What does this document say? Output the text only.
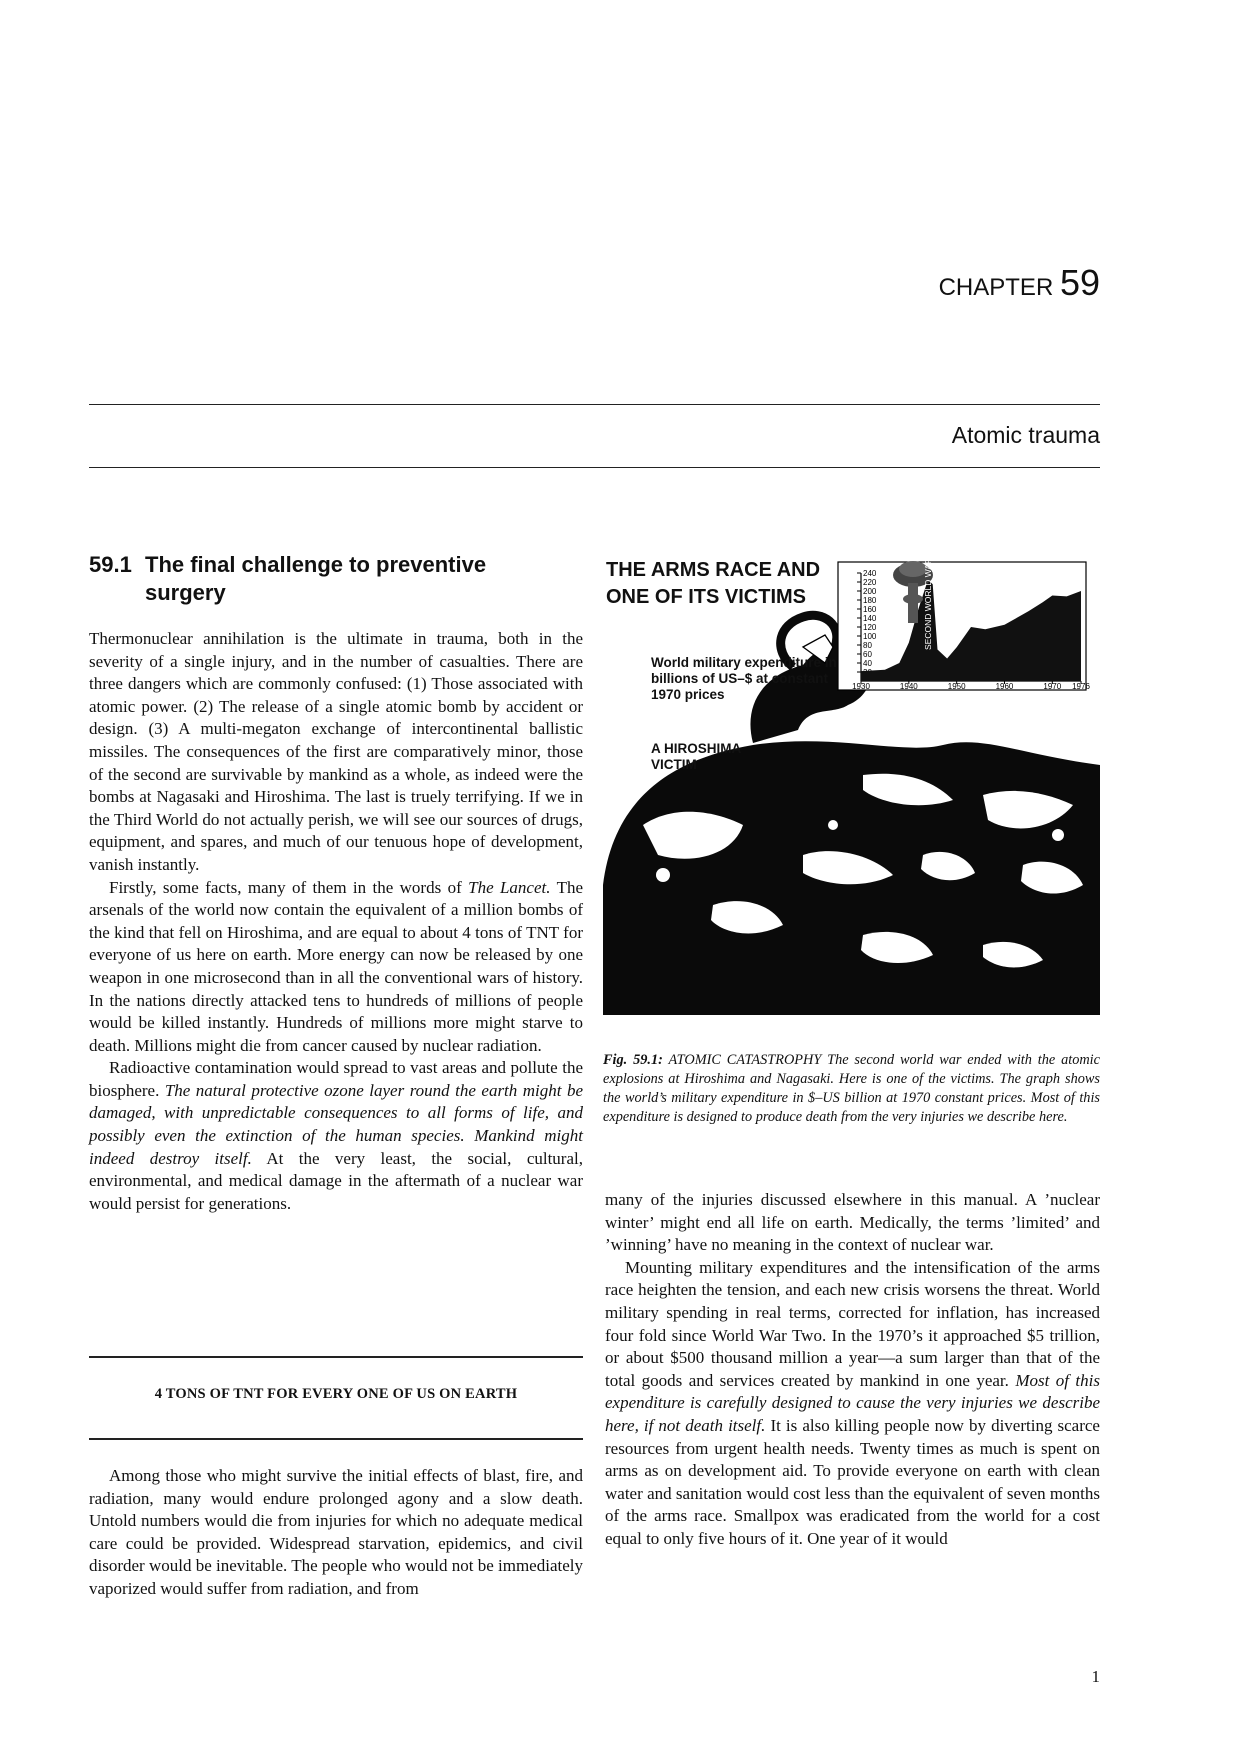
CHAPTER 59
Atomic trauma
59.1 The final challenge to preventive
surgery

Thermonuclear annihilation is the ultimate in trauma, both in the severity of a single injury, and in the number of casualties. There are three dangers which are commonly confused: (1) Those associated with atomic power. (2) The release of a single atomic bomb by accident or design. (3) A multi-megaton exchange of intercontinental ballistic missiles. The consequences of the first are comparatively minor, those of the second are survivable by mankind as a whole, as indeed were the bombs at Nagasaki and Hiroshima. The last is truely terrifying. If we in the Third World do not actually perish, we will see our sources of drugs, equipment, and spares, and much of our tenuous hope of development, vanish instantly.

Firstly, some facts, many of them in the words of The Lancet. The arsenals of the world now contain the equivalent of a million bombs of the kind that fell on Hiroshima, and are equal to about 4 tons of TNT for everyone of us here on earth. More energy can now be released by one weapon in one microsecond than in all the conventional wars of history. In the nations directly attacked tens to hundreds of millions of people would be killed instantly. Hundreds of millions more might starve to death. Millions might die from cancer caused by nuclear radiation.

Radioactive contamination would spread to vast areas and pollute the biosphere. The natural protective ozone layer round the earth might be damaged, with unpredictable consequences to all forms of life, and possibly even the extinction of the human species. Mankind might indeed destroy itself. At the very least, the social, cultural, environmental, and medical damage in the aftermath of a nuclear war would persist for generations.

4 TONS OF TNT FOR EVERY ONE OF US ON EARTH

Among those who might survive the initial effects of blast, fire, and radiation, many would endure prolonged agony and a slow death. Untold numbers would die from injuries for which no adequate medical care could be provided. Widespread starvation, epidemics, and civil disorder would be inevitable. The people who would not be immediately vaporized would suffer from radiation, and from

240
220
200
180
160
140
120
100
80
60
40
1930	1940	1950	1960	1970 1976
SECOND WORLD WAR
THE ARMS RACE AND
ONE OF ITS VICTIMS
World military expenditure in billions of US–$ at constant 1970 prices
A HIROSHIMA
VICTIM
Fig. 59.1: ATOMIC CATASTROPHY The second world war ended with the atomic explosions at Hiroshima and Nagasaki. Here is one of the victims. The graph shows the world’s military expenditure in $–US billion at 1970 constant prices. Most of this expenditure is designed to produce death from the very injuries we describe here.

many of the injuries discussed elsewhere in this manual. A ’nuclear winter’ might end all life on earth. Medically, the terms ’limited’ and ’winning’ have no meaning in the context of nuclear war.

Mounting military expenditures and the intensification of the arms race heighten the tension, and each new crisis worsens the threat. World military spending in real terms, corrected for inflation, has increased four fold since World War Two. In the 1970’s it approached $5 trillion, or about $500 thousand million a year—a sum larger than that of the total goods and services created by mankind in one year. Most of this expenditure is carefully designed to cause the very injuries we describe here, if not death itself. It is also killing people now by diverting scarce resources from urgent health needs. Twenty times as much is spent on arms as on development aid. To provide everyone on earth with clean water and sanitation would cost less than the equivalent of seven months of the arms race. Smallpox was eradicated from the world for a cost equal to only five hours of it. One year of it would

1
